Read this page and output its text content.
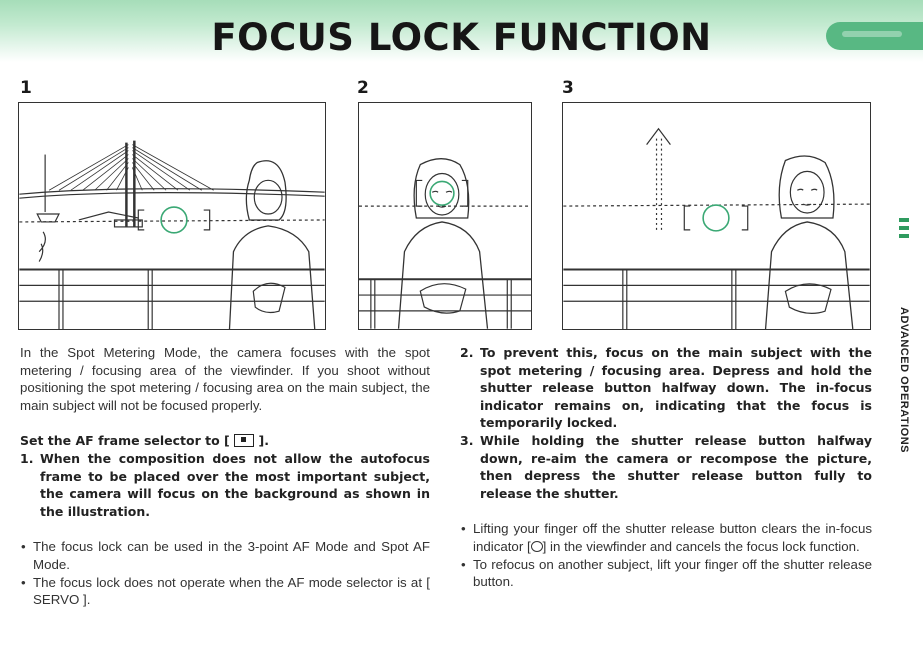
FOCUS LOCK FUNCTION
1	2	3
ADVANCED OPERATIONS

In the Spot Metering Mode, the camera focuses with the spot metering / focusing area of the viewfinder. If you shoot without positioning the spot metering / focusing area on the main subject, the main subject will not be focused properly.

Set the AF frame selector to [ ].

1. When the composition does not allow the autofocus frame to be placed over the most important subject, the camera will focus on the background as shown in the illustration.
• The focus lock can be used in the 3-point AF Mode and Spot AF Mode.
• The focus lock does not operate when the AF mode selector is at [ SERVO ].
2. To prevent this, focus on the main subject with the spot metering / focusing area. Depress and hold the shutter release button halfway down. The in-focus indicator remains on, indicating that the focus is temporarily locked.
3. While holding the shutter release button halfway down, re-aim the camera or recompose the picture, then depress the shutter release button fully to release the shutter.
• Lifting your finger off the shutter release button clears the in-focus indicator [ ] in the viewfinder and cancels the focus lock function.
• To refocus on another subject, lift your finger off the shutter release button.
